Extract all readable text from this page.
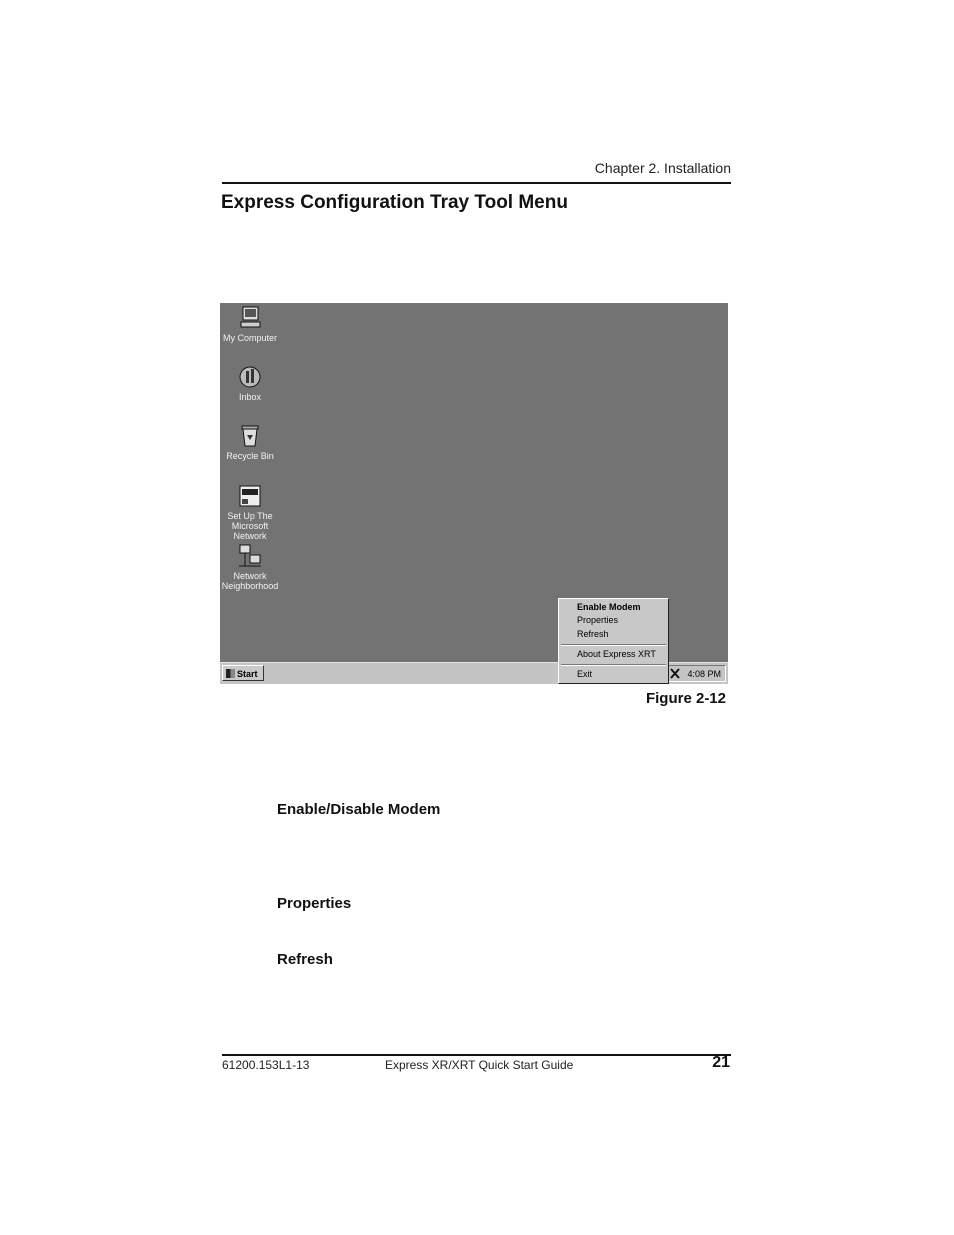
Chapter 2. Installation
Express Configuration Tray Tool Menu
My Computer
Inbox
Recycle Bin
Set Up The Microsoft Network
Network Neighborhood
Start	4:08 PM
Enable Modem
Properties
Refresh
About Express XRT
Exit
Figure 2-12
Enable/Disable Modem
Properties
Refresh
61200.153L1-13	Express XR/XRT Quick Start Guide	21
